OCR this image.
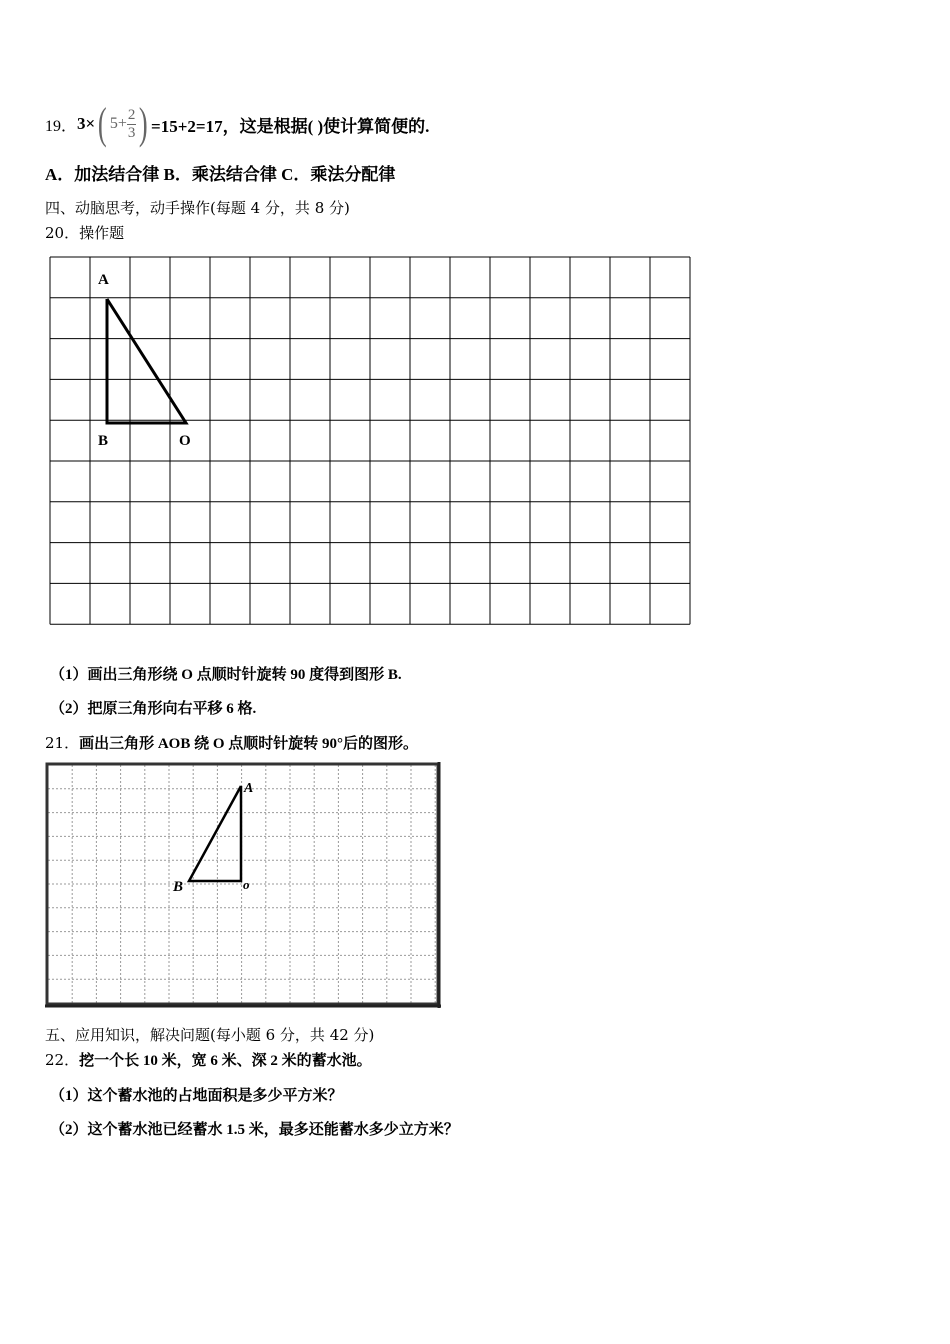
19． 3× ( $5+ \frac{2}{3}$ ) =15+2=17，这是根据( )使计算简便的.
A．加法结合律 B．乘法结合律 C．乘法分配律
四、动脑思考，动手操作(每题 4 分，共 8 分)
20．操作题
A
B	O
（1）画出三角形绕 O 点顺时针旋转 90 度得到图形 B.
（2）把原三角形向右平移 6 格.
21．画出三角形 AOB 绕 O 点顺时针旋转 90°后的图形。
A
B	o
五、应用知识，解决问题(每小题 6 分，共 42 分)
22．挖一个长 10 米，宽 6 米、深 2 米的蓄水池。
（1）这个蓄水池的占地面积是多少平方米？
（2）这个蓄水池已经蓄水 1.5 米，最多还能蓄水多少立方米？
